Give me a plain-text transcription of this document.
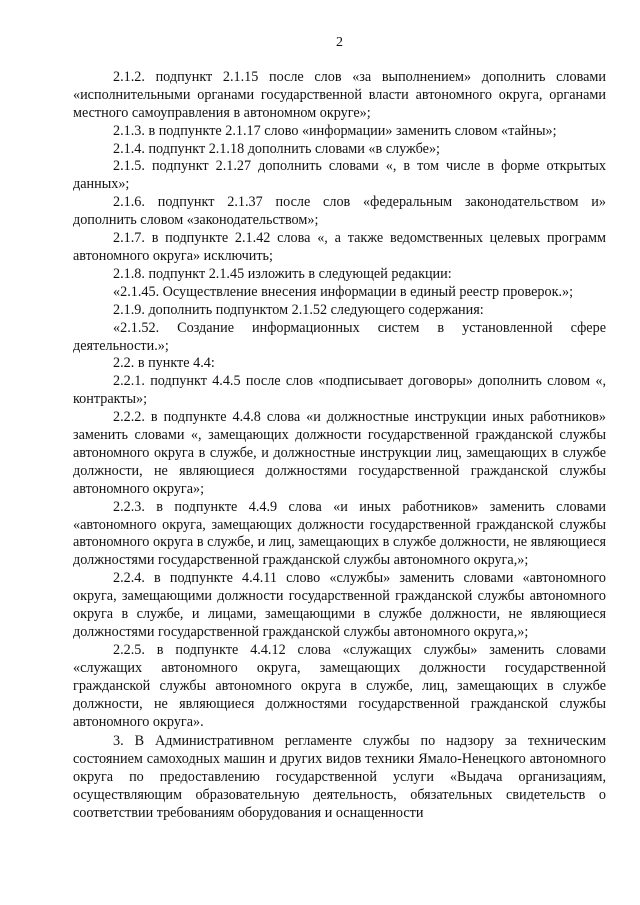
2

2.1.2. подпункт 2.1.15 после слов «за выполнением» дополнить словами «исполнительными органами государственной власти автономного округа, органами местного самоуправления в автономном округе»;

2.1.3. в подпункте 2.1.17 слово «информации» заменить словом «тайны»;

2.1.4. подпункт 2.1.18 дополнить словами «в службе»;

2.1.5. подпункт 2.1.27 дополнить словами «, в том числе в форме открытых данных»;

2.1.6. подпункт 2.1.37 после слов «федеральным законодательством и» дополнить словом «законодательством»;

2.1.7. в подпункте 2.1.42 слова «, а также ведомственных целевых программ автономного округа» исключить;

2.1.8. подпункт 2.1.45 изложить в следующей редакции:

«2.1.45. Осуществление внесения информации в единый реестр проверок.»;

2.1.9. дополнить подпунктом 2.1.52 следующего содержания:

«2.1.52. Создание информационных систем в установленной сфере деятельности.»;

2.2. в пункте 4.4:

2.2.1. подпункт 4.4.5 после слов «подписывает договоры» дополнить словом «, контракты»;

2.2.2. в подпункте 4.4.8 слова «и должностные инструкции иных работников» заменить словами «, замещающих должности государственной гражданской службы автономного округа в службе, и должностные инструкции лиц, замещающих в службе должности, не являющиеся должностями государственной гражданской службы автономного округа»;

2.2.3. в подпункте 4.4.9 слова «и иных работников» заменить словами «автономного округа, замещающих должности государственной гражданской службы автономного округа в службе, и лиц, замещающих в службе должности, не являющиеся должностями государственной гражданской службы автономного округа,»;

2.2.4. в подпункте 4.4.11 слово «службы» заменить словами «автономного округа, замещающими должности государственной гражданской службы автономного округа в службе, и лицами, замещающими в службе должности, не являющиеся должностями государственной гражданской службы автономного округа,»;

2.2.5. в подпункте 4.4.12 слова «служащих службы» заменить словами «служащих автономного округа, замещающих должности государственной гражданской службы автономного округа в службе, лиц, замещающих в службе должности, не являющиеся должностями государственной гражданской службы автономного округа».

3. В Административном регламенте службы по надзору за техническим состоянием самоходных машин и других видов техники Ямало-Ненецкого автономного округа по предоставлению государственной услуги «Выдача организациям, осуществляющим образовательную деятельность, обязательных свидетельств о соответствии требованиям оборудования и оснащенности
